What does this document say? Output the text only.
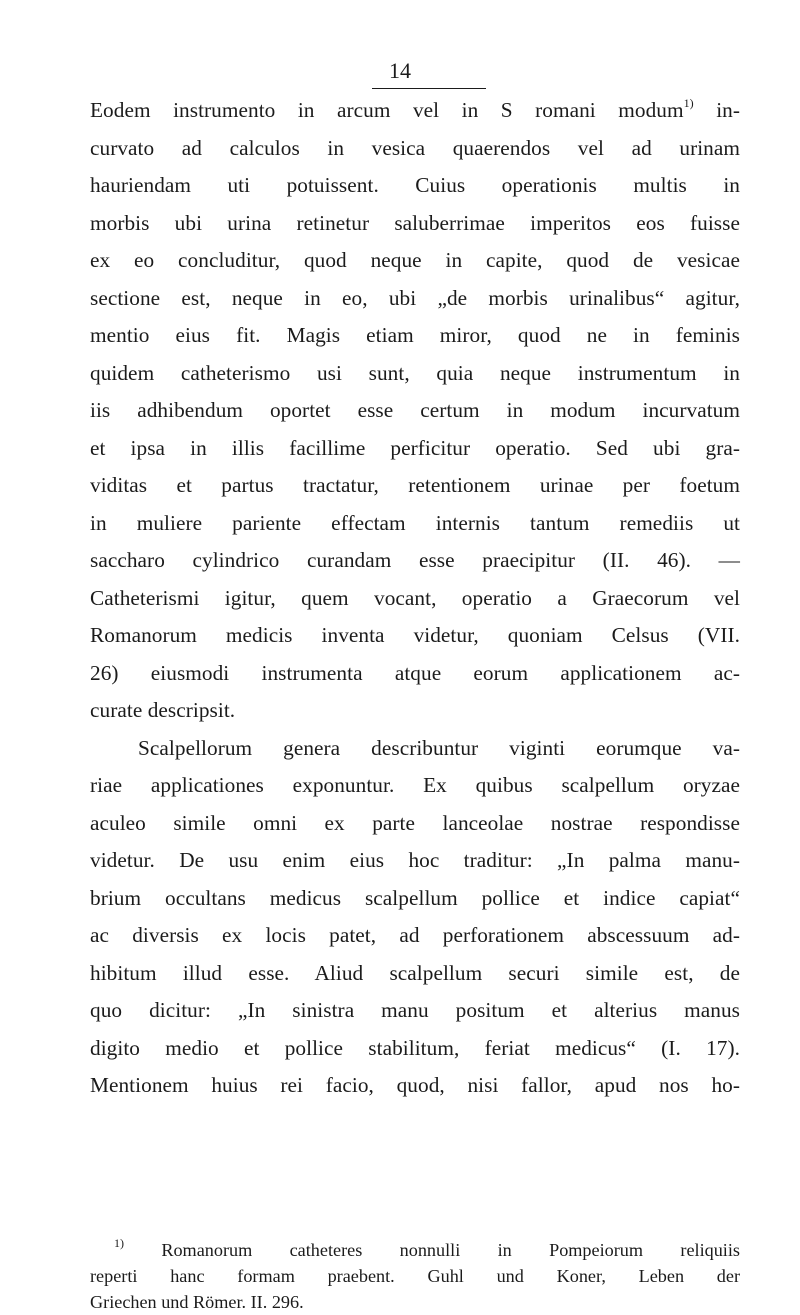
14

Eodem instrumento in arcum vel in S romani modum$^{1)}$ in-
curvato ad calculos in vesica quaerendos vel ad urinam
hauriendam uti potuissent. Cuius operationis multis in
morbis ubi urina retinetur saluberrimae imperitos eos fuisse
ex eo concluditur, quod neque in capite, quod de vesicae
sectione est, neque in eo, ubi „de morbis urinalibus“ agitur,
mentio eius fit. Magis etiam miror, quod ne in feminis
quidem catheterismo usi sunt, quia neque instrumentum in
iis adhibendum oportet esse certum in modum incurvatum
et ipsa in illis facillime perficitur operatio. Sed ubi gra-
viditas et partus tractatur, retentionem urinae per foetum
in muliere pariente effectam internis tantum remediis ut
saccharo cylindrico curandam esse praecipitur (II. 46). —
Catheterismi igitur, quem vocant, operatio a Graecorum vel
Romanorum medicis inventa videtur, quoniam Celsus (VII.
26) eiusmodi instrumenta atque eorum applicationem ac-
curate descripsit.

Scalpellorum genera describuntur viginti eorumque va-
riae applicationes exponuntur. Ex quibus scalpellum oryzae
aculeo simile omni ex parte lanceolae nostrae respondisse
videtur. De usu enim eius hoc traditur: „In palma manu-
brium occultans medicus scalpellum pollice et indice capiat“
ac diversis ex locis patet, ad perforationem abscessuum ad-
hibitum illud esse. Aliud scalpellum securi simile est, de
quo dicitur: „In sinistra manu positum et alterius manus
digito medio et pollice stabilitum, feriat medicus“ (I. 17).
Mentionem huius rei facio, quod, nisi fallor, apud nos ho-

$^{1)}$ Romanorum catheteres nonnulli in Pompeiorum reliquiis
reperti hanc formam praebent. Guhl und Koner, Leben der
Griechen und Römer. II. 296.
